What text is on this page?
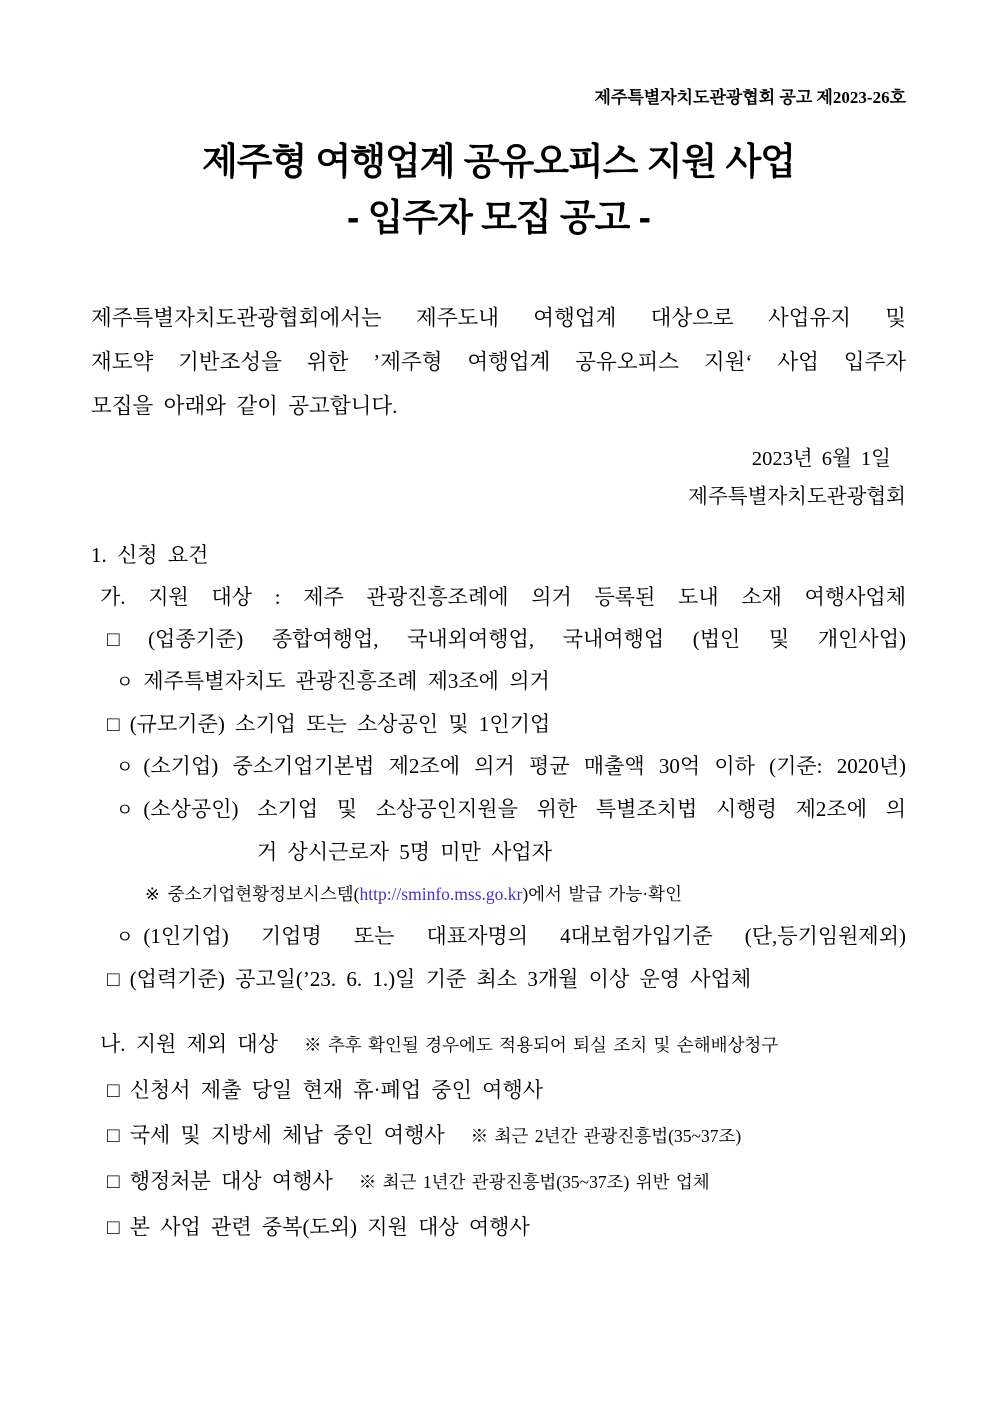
제주특별자치도관광협회 공고 제2023-26호
제주형 여행업계 공유오피스 지원 사업
- 입주자 모집 공고 -
제주특별자치도관광협회에서는 제주도내 여행업계 대상으로 사업유지 및
재도약 기반조성을 위한 ’제주형 여행업계 공유오피스 지원‘ 사업 입주자
모집을 아래와 같이 공고합니다.
2023년 6월 1일
제주특별자치도관광협회
1. 신청 요건
가. 지원 대상 : 제주 관광진흥조례에 의거 등록된 도내 소재 여행사업체
□ (업종기준) 종합여행업, 국내외여행업, 국내여행업 (법인 및 개인사업)
ㅇ 제주특별자치도 관광진흥조례 제3조에 의거
□ (규모기준) 소기업 또는 소상공인 및 1인기업
ㅇ (소기업) 중소기업기본법 제2조에 의거 평균 매출액 30억 이하 (기준: 2020년)
ㅇ (소상공인) 소기업 및 소상공인지원을 위한 특별조치법 시행령 제2조에 의
거 상시근로자 5명 미만 사업자
※ 중소기업현황정보시스템(http://sminfo.mss.go.kr)에서 발급 가능·확인
ㅇ (1인기업) 기업명 또는 대표자명의 4대보험가입기준 (단,등기임원제외)
□ (업력기준) 공고일(’23. 6. 1.)일 기준 최소 3개월 이상 운영 사업체
나. 지원 제외 대상 ※ 추후 확인될 경우에도 적용되어 퇴실 조치 및 손해배상청구
□ 신청서 제출 당일 현재 휴·폐업 중인 여행사
□ 국세 및 지방세 체납 중인 여행사 ※ 최근 2년간 관광진흥법(35~37조)
□ 행정처분 대상 여행사 ※ 최근 1년간 관광진흥법(35~37조) 위반 업체
□ 본 사업 관련 중복(도외) 지원 대상 여행사
